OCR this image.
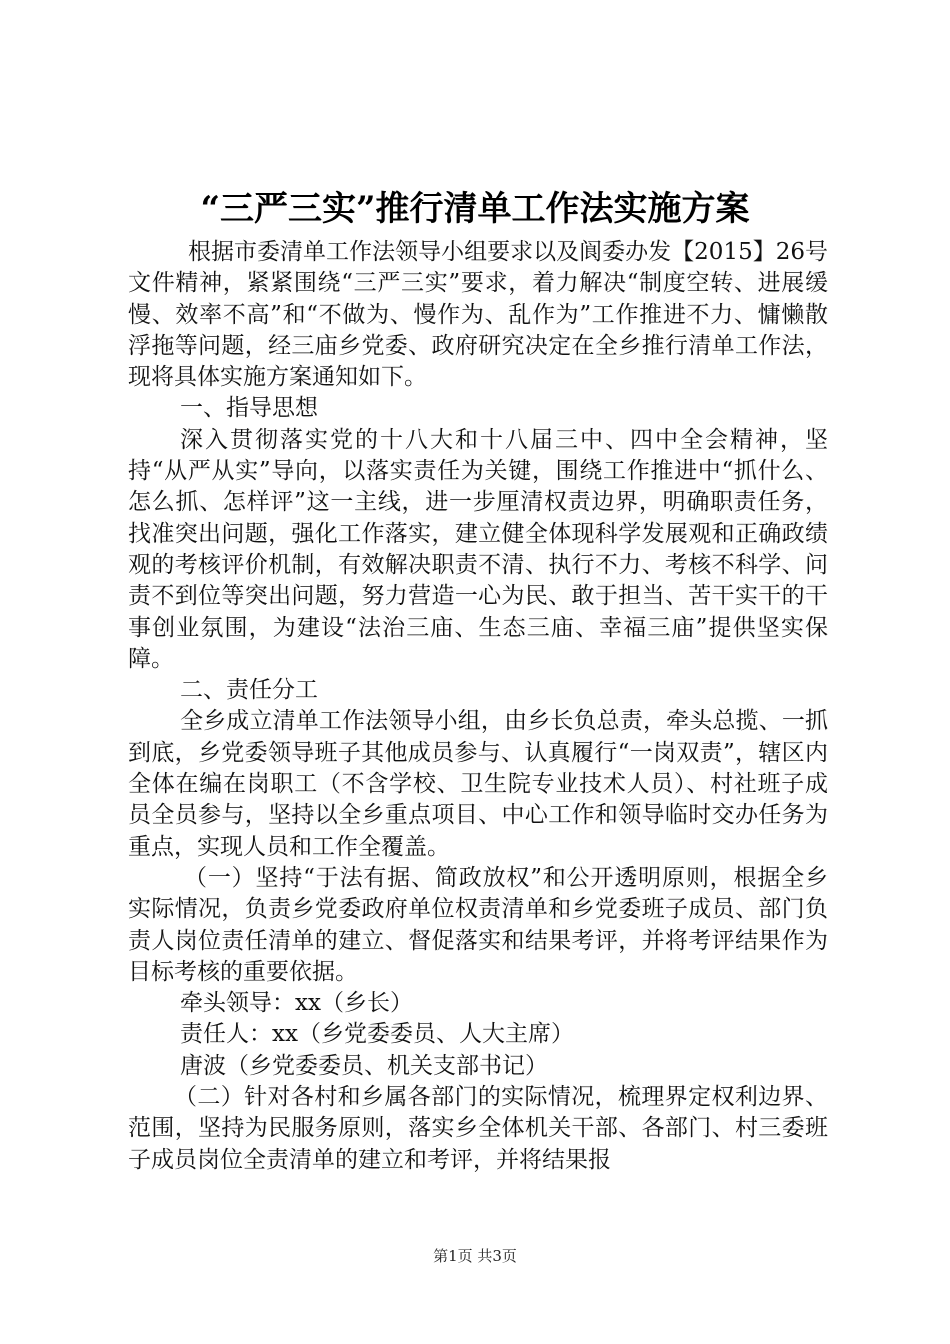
“三严三实”推行清单工作法实施方案

根据市委清单工作法领导小组要求以及阆委办发【2015】26号文件精神，紧紧围绕“三严三实”要求，着力解决“制度空转、进展缓慢、效率不高”和“不做为、慢作为、乱作为”工作推进不力、慵懒散浮拖等问题，经三庙乡党委、政府研究决定在全乡推行清单工作法，现将具体实施方案通知如下。

一、指导思想

深入贯彻落实党的十八大和十八届三中、四中全会精神，坚持“从严从实”导向，以落实责任为关键，围绕工作推进中“抓什么、怎么抓、怎样评”这一主线，进一步厘清权责边界，明确职责任务，找准突出问题，强化工作落实，建立健全体现科学发展观和正确政绩观的考核评价机制，有效解决职责不清、执行不力、考核不科学、问责不到位等突出问题，努力营造一心为民、敢于担当、苦干实干的干事创业氛围，为建设“法治三庙、生态三庙、幸福三庙”提供坚实保障。

二、责任分工

全乡成立清单工作法领导小组，由乡长负总责，牵头总揽、一抓到底，乡党委领导班子其他成员参与、认真履行“一岗双责”，辖区内全体在编在岗职工（不含学校、卫生院专业技术人员）、村社班子成员全员参与，坚持以全乡重点项目、中心工作和领导临时交办任务为重点，实现人员和工作全覆盖。

（一）坚持“于法有据、简政放权”和公开透明原则，根据全乡实际情况，负责乡党委政府单位权责清单和乡党委班子成员、部门负责人岗位责任清单的建立、督促落实和结果考评，并将考评结果作为目标考核的重要依据。

牵头领导：xx（乡长）

责任人：xx（乡党委委员、人大主席）

唐波（乡党委委员、机关支部书记）

（二）针对各村和乡属各部门的实际情况，梳理界定权利边界、范围，坚持为民服务原则，落实乡全体机关干部、各部门、村三委班子成员岗位全责清单的建立和考评，并将结果报

第1页 共3页
